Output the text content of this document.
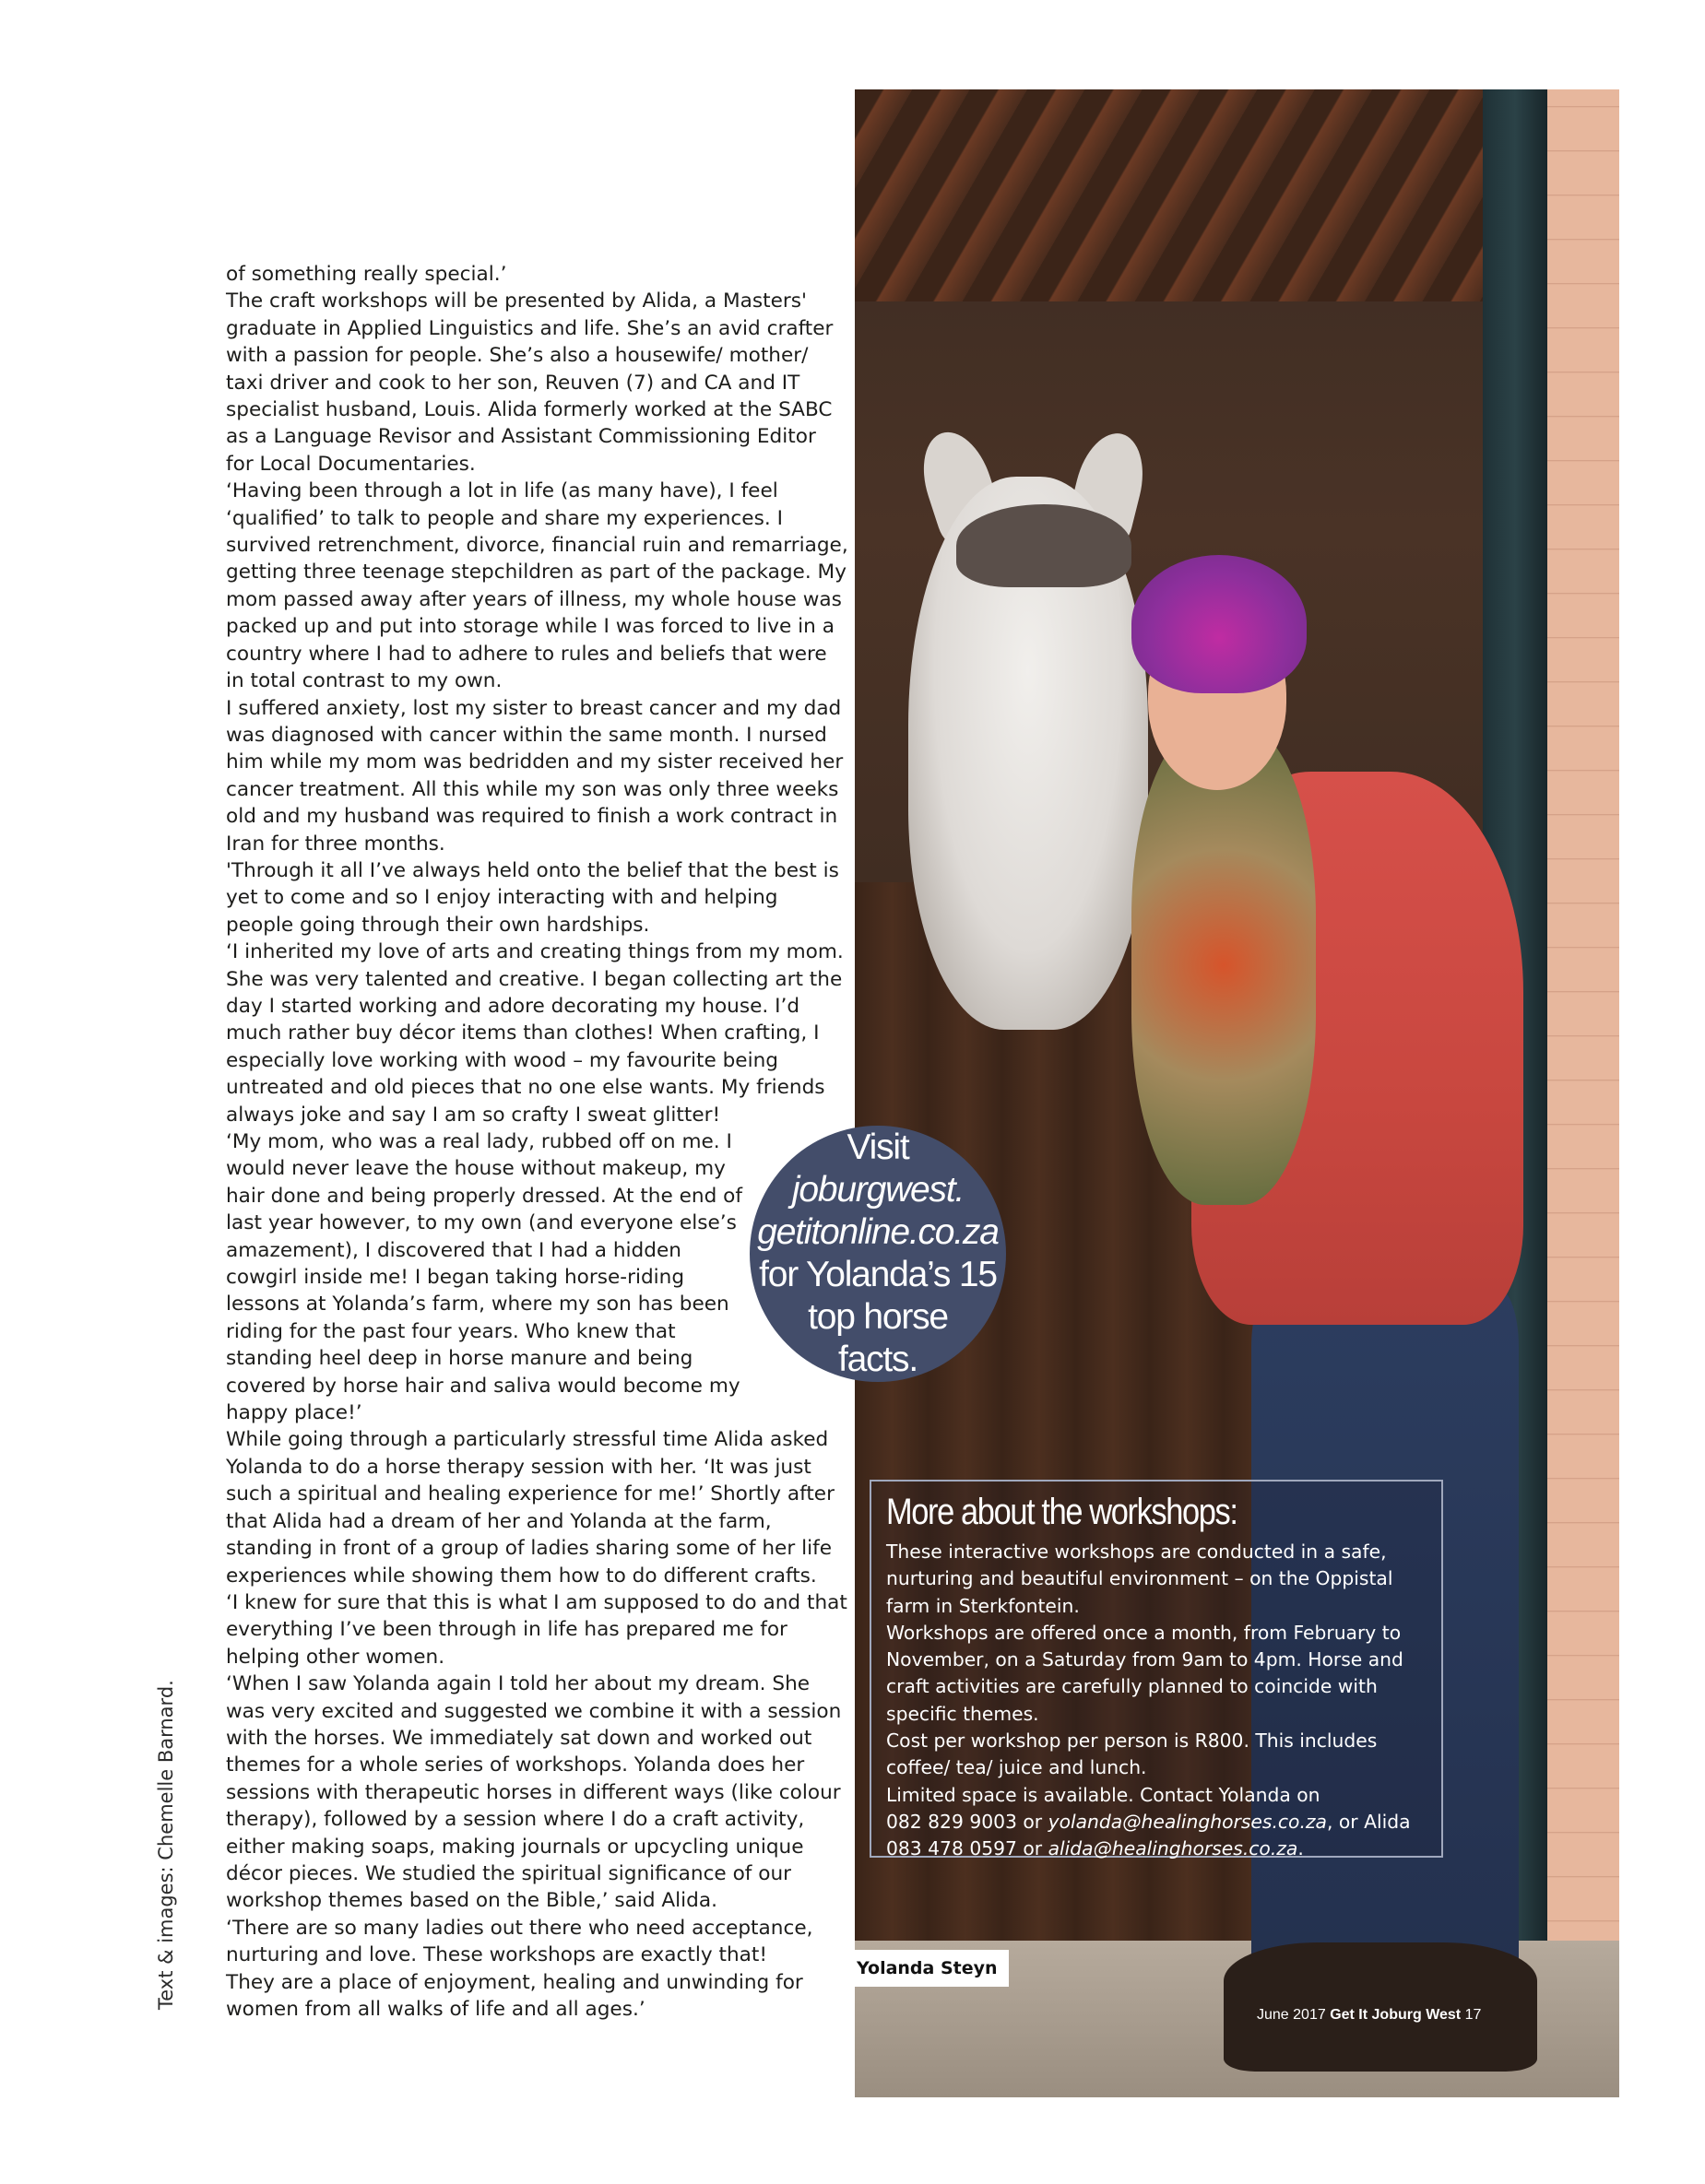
of something really special.’

The craft workshops will be presented by Alida, a Masters' graduate in Applied Linguistics and life. She’s an avid crafter with a passion for people. She’s also a housewife/ mother/ taxi driver and cook to her son, Reuven (7) and CA and IT specialist husband, Louis. Alida formerly worked at the SABC as a Language Revisor and Assistant Commissioning Editor for Local Documentaries.

‘Having been through a lot in life (as many have), I feel ‘qualified’ to talk to people and share my experiences. I survived retrenchment, divorce, financial ruin and remarriage, getting three teenage stepchildren as part of the package. My mom passed away after years of illness, my whole house was packed up and put into storage while I was forced to live in a country where I had to adhere to rules and beliefs that were in total contrast to my own.

I suffered anxiety, lost my sister to breast cancer and my dad was diagnosed with cancer within the same month. I nursed him while my mom was bedridden and my sister received her cancer treatment. All this while my son was only three weeks old and my husband was required to finish a work contract in Iran for three months.

'Through it all I’ve always held onto the belief that the best is yet to come and so I enjoy interacting with and helping people going through their own hardships.

‘I inherited my love of arts and creating things from my mom. She was very talented and creative. I began collecting art the day I started working and adore decorating my house. I’d much rather buy décor items than clothes! When crafting, I especially love working with wood – my favourite being untreated and old pieces that no one else wants. My friends always joke and say I am so crafty I sweat glitter!

‘My mom, who was a real lady, rubbed off on me. I would never leave the house without makeup, my hair done and being properly dressed. At the end of last year however, to my own (and everyone else’s amazement), I discovered that I had a hidden cowgirl inside me! I began taking horse-riding lessons at Yolanda’s farm, where my son has been riding for the past four years. Who knew that standing heel deep in horse manure and being covered by horse hair and saliva would become my happy place!’

While going through a particularly stressful time Alida asked Yolanda to do a horse therapy session with her. ‘It was just such a spiritual and healing experience for me!’ Shortly after that Alida had a dream of her and Yolanda at the farm, standing in front of a group of ladies sharing some of her life experiences while showing them how to do different crafts.

‘I knew for sure that this is what I am supposed to do and that everything I’ve been through in life has prepared me for helping other women.

‘When I saw Yolanda again I told her about my dream. She was very excited and suggested we combine it with a session with the horses. We immediately sat down and worked out themes for a whole series of workshops. Yolanda does her sessions with therapeutic horses in different ways (like colour therapy), followed by a session where I do a craft activity, either making soaps, making journals or upcycling unique décor pieces. We studied the spiritual significance of our workshop themes based on the Bible,’ said Alida.

‘There are so many ladies out there who need acceptance, nurturing and love. These workshops are exactly that!

They are a place of enjoyment, healing and unwinding for women from all walks of life and all ages.’

Text & images: Chemelle Barnard.
Visit
joburgwest.
getitonline.co.za
for Yolanda’s 15
top horse
facts.
More about the workshops:

These interactive workshops are conducted in a safe, nurturing and beautiful environment – on the Oppistal farm in Sterkfontein.

Workshops are offered once a month, from February to November, on a Saturday from 9am to 4pm. Horse and craft activities are carefully planned to coincide with specific themes.

Cost per workshop per person is R800. This includes coffee/ tea/ juice and lunch.

Limited space is available. Contact Yolanda on
082 829 9003 or yolanda@healinghorses.co.za, or Alida
083 478 0597 or alida@healinghorses.co.za.

Yolanda Steyn
June 2017 Get It Joburg West 17
